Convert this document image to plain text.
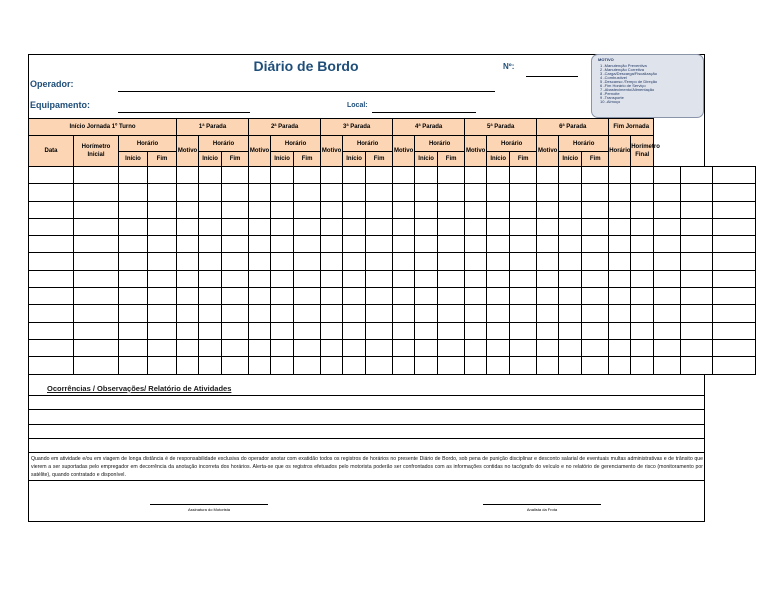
Diário de Bordo	Nº:
Operador:
Equipamento:	Local:
MOTIVO
1 -Manutenção Preventiva
2 -Manutenção Corretiva
3 -Carga/Descarga/Fiscalização
4 -Combustível
5 -Descanso /Tempo de Direção
6 -Fim Horário de Serviço
7 -Abastecimento/Alimentação
8 -Pernoite
9 -Transporte
10 -Almoço
Início Jornada 1º Turno				1ª Parada			2ª Parada			3ª Parada			4ª Parada			5ª Parada			6ª Parada			Fim Jornada				
Data	Horímetro Inicial	Horário		Motivo	Horário		Motivo	Horário		Motivo	Horário		Motivo	Horário		Motivo	Horário		Motivo	Horário		Horário	Horímetro Final			
		Início	Fim		Início	Fim		Início	Fim		Início	Fim		Início	Fim		Início	Fim		Início	Fim					

Ocorrências / Observações/ Relatório de Atividades
Quando em atividade e/ou em viagem de longa distância é de responsabilidade exclusiva do operador anotar com exatidão todos os registros de horários no presente Diário de Bordo, sob pena de punição disciplinar e desconto salarial de eventuais multas administrativas e de trânsito que vierem a ser suportadas pelo empregador em decorrência da anotação incorreta dos horários. Alerta-se que os registros efetuados pelo motorista poderão ser confrontados com as informações contidas no tacógrafo do veículo e no relatório de gerenciamento de risco (monitoramento por satélite), quando contratado e disponível.
Assinatura do Motorista	Analista da Frota
